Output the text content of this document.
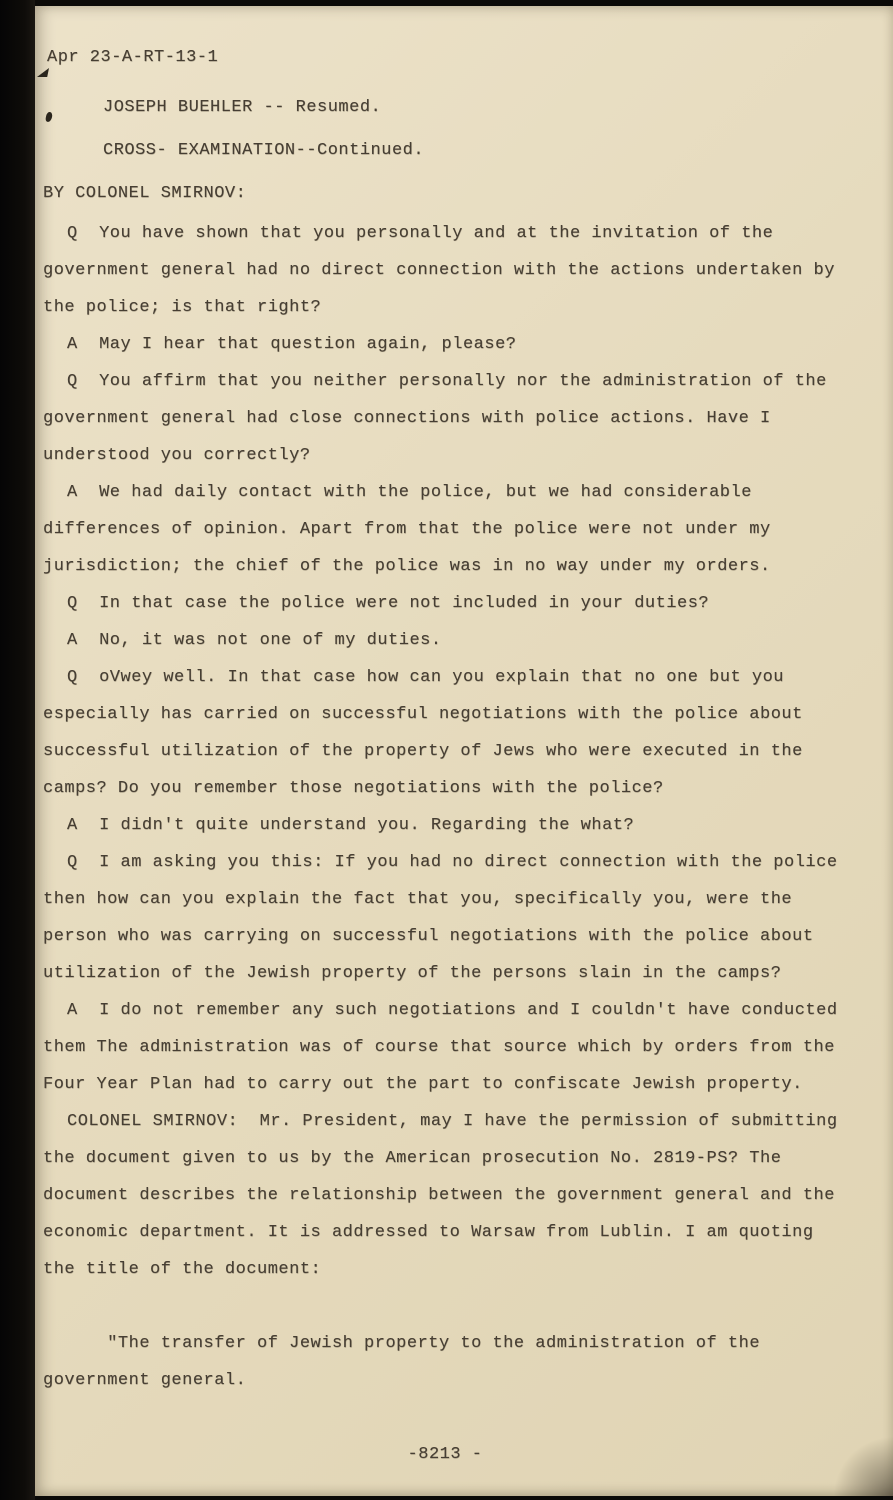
Apr 23-A-RT-13-1
JOSEPH BUEHLER -- Resumed.
CROSS- EXAMINATION--Continued.
BY COLONEL SMIRNOV:

Q  You have shown that you personally and at the invitation of the government general had no direct connection with the actions undertaken by the police; is that right?

A  May I hear that question again, please?

Q  You affirm that you neither personally nor the administration of the government general had close connections with police actions. Have I understood you correctly?

A  We had daily contact with the police, but we had considerable differences of opinion. Apart from that the police were not under my jurisdiction; the chief of the police was in no way under my orders.

Q  In that case the police were not included in your duties?

A  No, it was not one of my duties.

Q  oVwey well. In that case how can you explain that no one but you especially has carried on successful negotiations with the police about successful utilization of the property of Jews who were executed in the camps? Do you remember those negotiations with the police?

A  I didn't quite understand you. Regarding the what?

Q  I am asking you this: If you had no direct connection with the police then how can you explain the fact that you, specifically you, were the person who was carrying on successful negotiations with the police about utilization of the Jewish property of the persons slain in the camps?

A  I do not remember any such negotiations and I couldn't have conducted them The administration was of course that source which by orders from the Four Year Plan had to carry out the part to confiscate Jewish property.

COLONEL SMIRNOV:  Mr. President, may I have the permission of submitting the document given to us by the American prosecution No. 2819-PS? The document describes the relationship between the government general and the economic department. It is addressed to Warsaw from Lublin. I am quoting the title of the document:

"The transfer of Jewish property to the administration of the government general.

-8213 -
